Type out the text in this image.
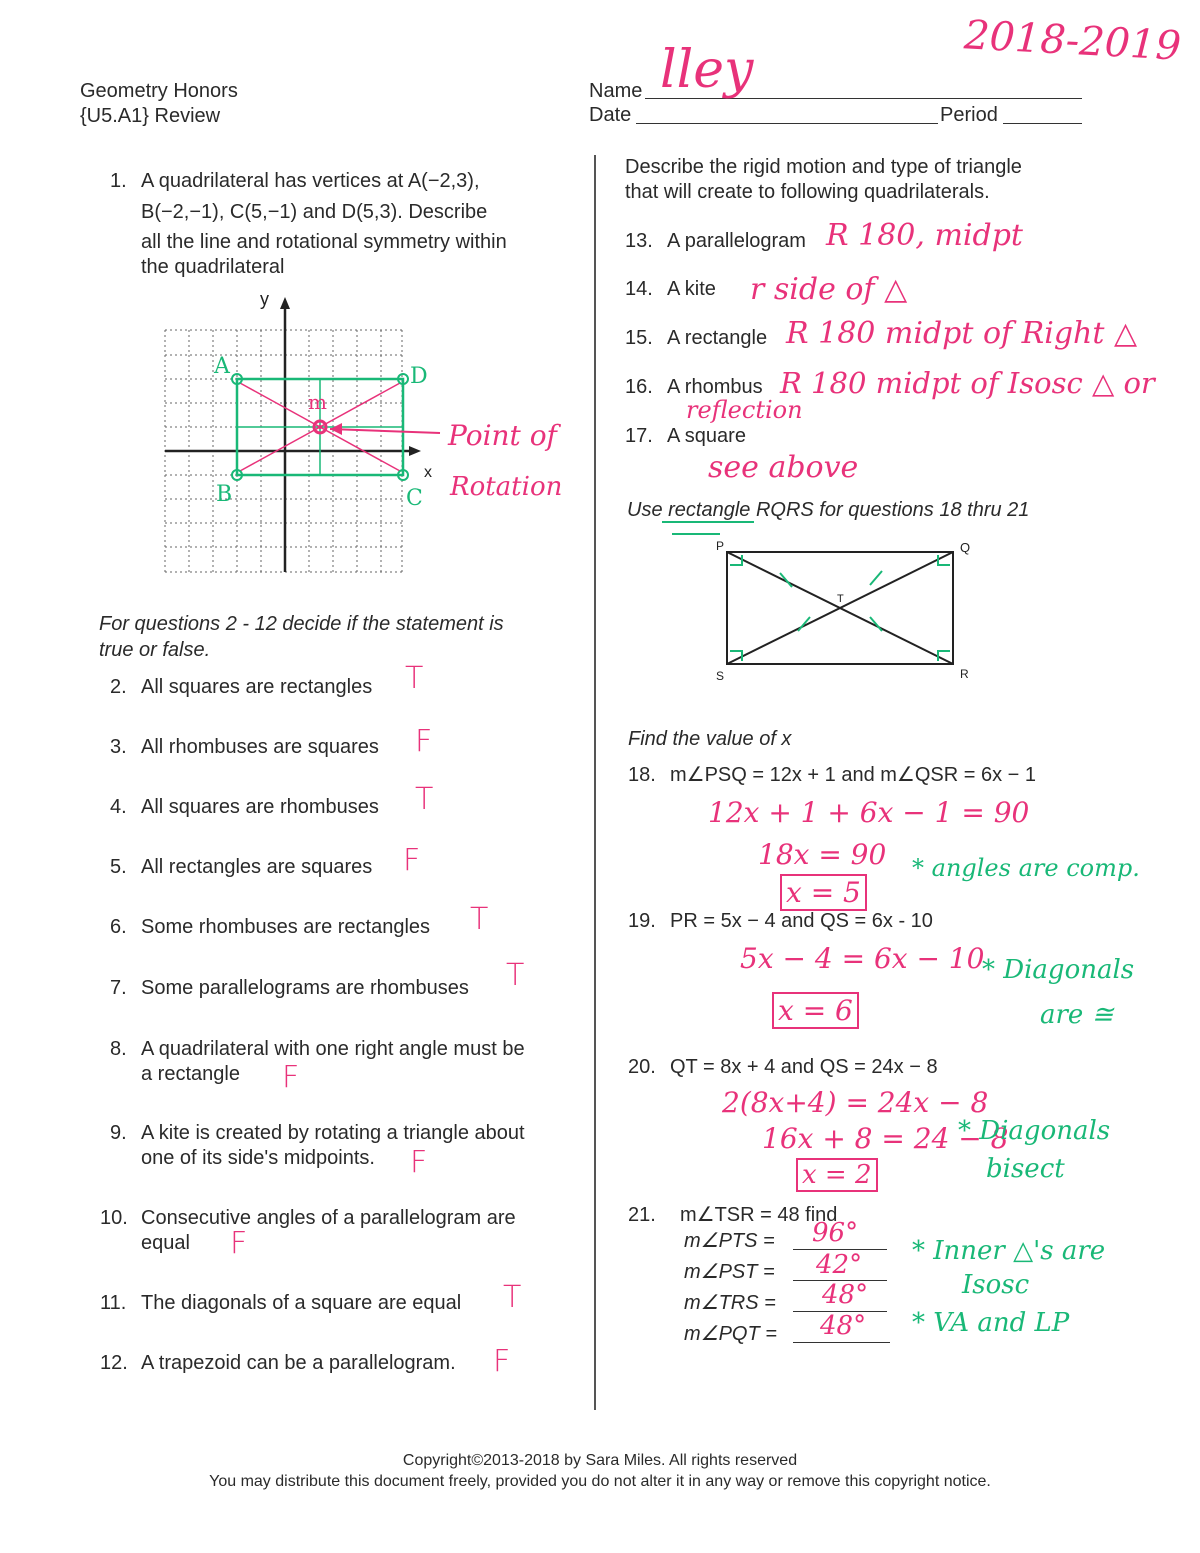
Geometry Honors
{U5.A1} Review
Name lley
Date	Period
2018-2019
1. A quadrilateral has vertices at A(−2,3),
B(−2,−1), C(5,−1) and D(5,3). Describe
all the line and rotational symmetry within
the quadrilateral
y
x
A	D
B	C
m
Point of
Rotation
For questions 2 - 12 decide if the statement is
true or false.
2. All squares are rectangles T
3. All rhombuses are squares F
4. All squares are rhombuses T
5. All rectangles are squares F
6. Some rhombuses are rectangles T
7. Some parallelograms are rhombuses T
8. A quadrilateral with one right angle must be
a rectangle F
9. A kite is created by rotating a triangle about
one of its side's midpoints. F
10. Consecutive angles of a parallelogram are
equal F
11. The diagonals of a square are equal T
12. A trapezoid can be a parallelogram. F
Describe the rigid motion and type of triangle
that will create to following quadrilaterals.
13. A parallelogram R 180, midpt
14. A kite r side of △
15. A rectangle R 180 midpt of Right △
16. A rhombus R 180 midpt of Isosc △ or
reflection
17. A square
see above
Use rectangle RQRS for questions 18 thru 21
P	Q
R
S
T
Find the value of x
18. m∠PSQ = 12x + 1 and m∠QSR = 6x − 1
12x + 1 + 6x − 1 = 90
18x = 90
x = 5
* angles are comp.
19. PR = 5x − 4 and QS = 6x - 10
5x − 4 = 6x − 10
x = 6
* Diagonals
are ≅
20. QT = 8x + 4 and QS = 24x − 8
2(8x+4) = 24x − 8
16x + 8 = 24 − 8
x = 2
* Diagonals
bisect
21. m∠TSR = 48 find
m∠PTS = 96°
m∠PST = 42°
m∠TRS = 48°
m∠PQT = 48°
* Inner △'s are
Isosc
* VA and LP
Copyright©2013-2018 by Sara Miles. All rights reserved
You may distribute this document freely, provided you do not alter it in any way or remove this copyright notice.
